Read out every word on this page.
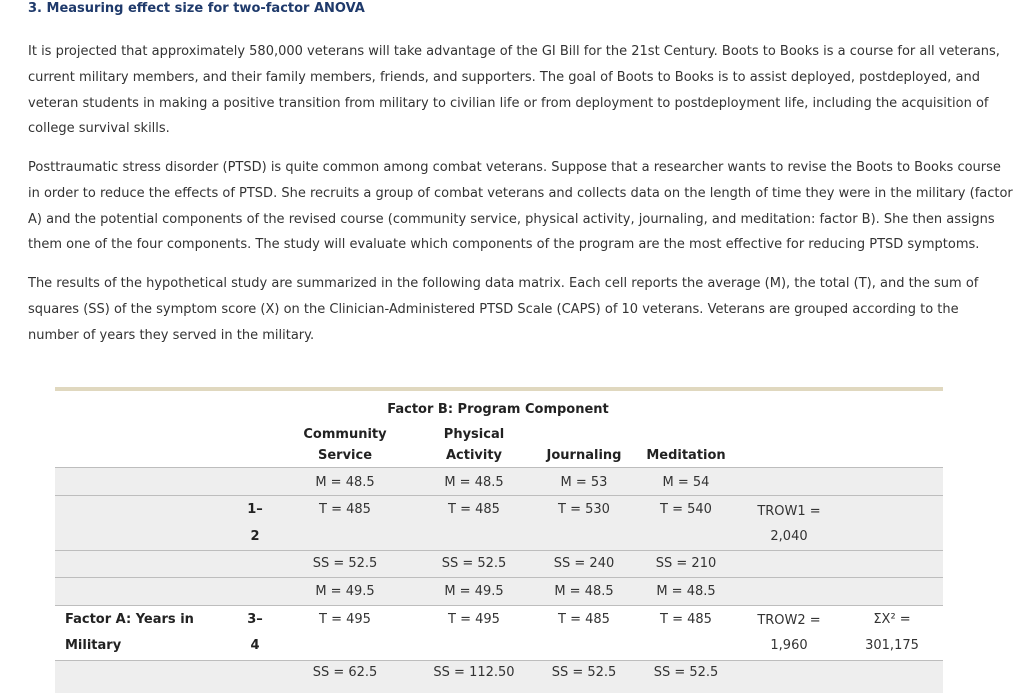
3. Measuring effect size for two-factor ANOVA

It is projected that approximately 580,000 veterans will take advantage of the GI Bill for the 21st Century. Boots to Books is a course for all veterans, current military members, and their family members, friends, and supporters. The goal of Boots to Books is to assist deployed, postdeployed, and veteran students in making a positive transition from military to civilian life or from deployment to postdeployment life, including the acquisition of college survival skills.

Posttraumatic stress disorder (PTSD) is quite common among combat veterans. Suppose that a researcher wants to revise the Boots to Books course in order to reduce the effects of PTSD. She recruits a group of combat veterans and collects data on the length of time they were in the military (factor A) and the potential components of the revised course (community service, physical activity, journaling, and meditation: factor B). She then assigns them one of the four components. The study will evaluate which components of the program are the most effective for reducing PTSD symptoms.

The results of the hypothetical study are summarized in the following data matrix. Each cell reports the average (M), the total (T), and the sum of squares (SS) of the symptom score (X) on the Clinician-Administered PTSD Scale (CAPS) of 10 veterans. Veterans are grouped according to the number of years they served in the military.

Factor B: Program Component
Community
Service
Physical
Activity	Journaling Meditation
1–
2
M = 48.5
T = 485
SS = 52.5
M = 48.5
T = 485
SS = 52.5
M = 53
T = 530
SS = 240
M = 54
T = 540
SS = 210
TROW1 =
2,040
Factor A: Years in
Military
3–
4
M = 49.5
T = 495
SS = 62.5
M = 49.5
T = 495
SS = 112.50
M = 48.5
T = 485
SS = 52.5
M = 48.5
T = 485
SS = 52.5
TROW2 =
1,960
ΣX² =
301,175
